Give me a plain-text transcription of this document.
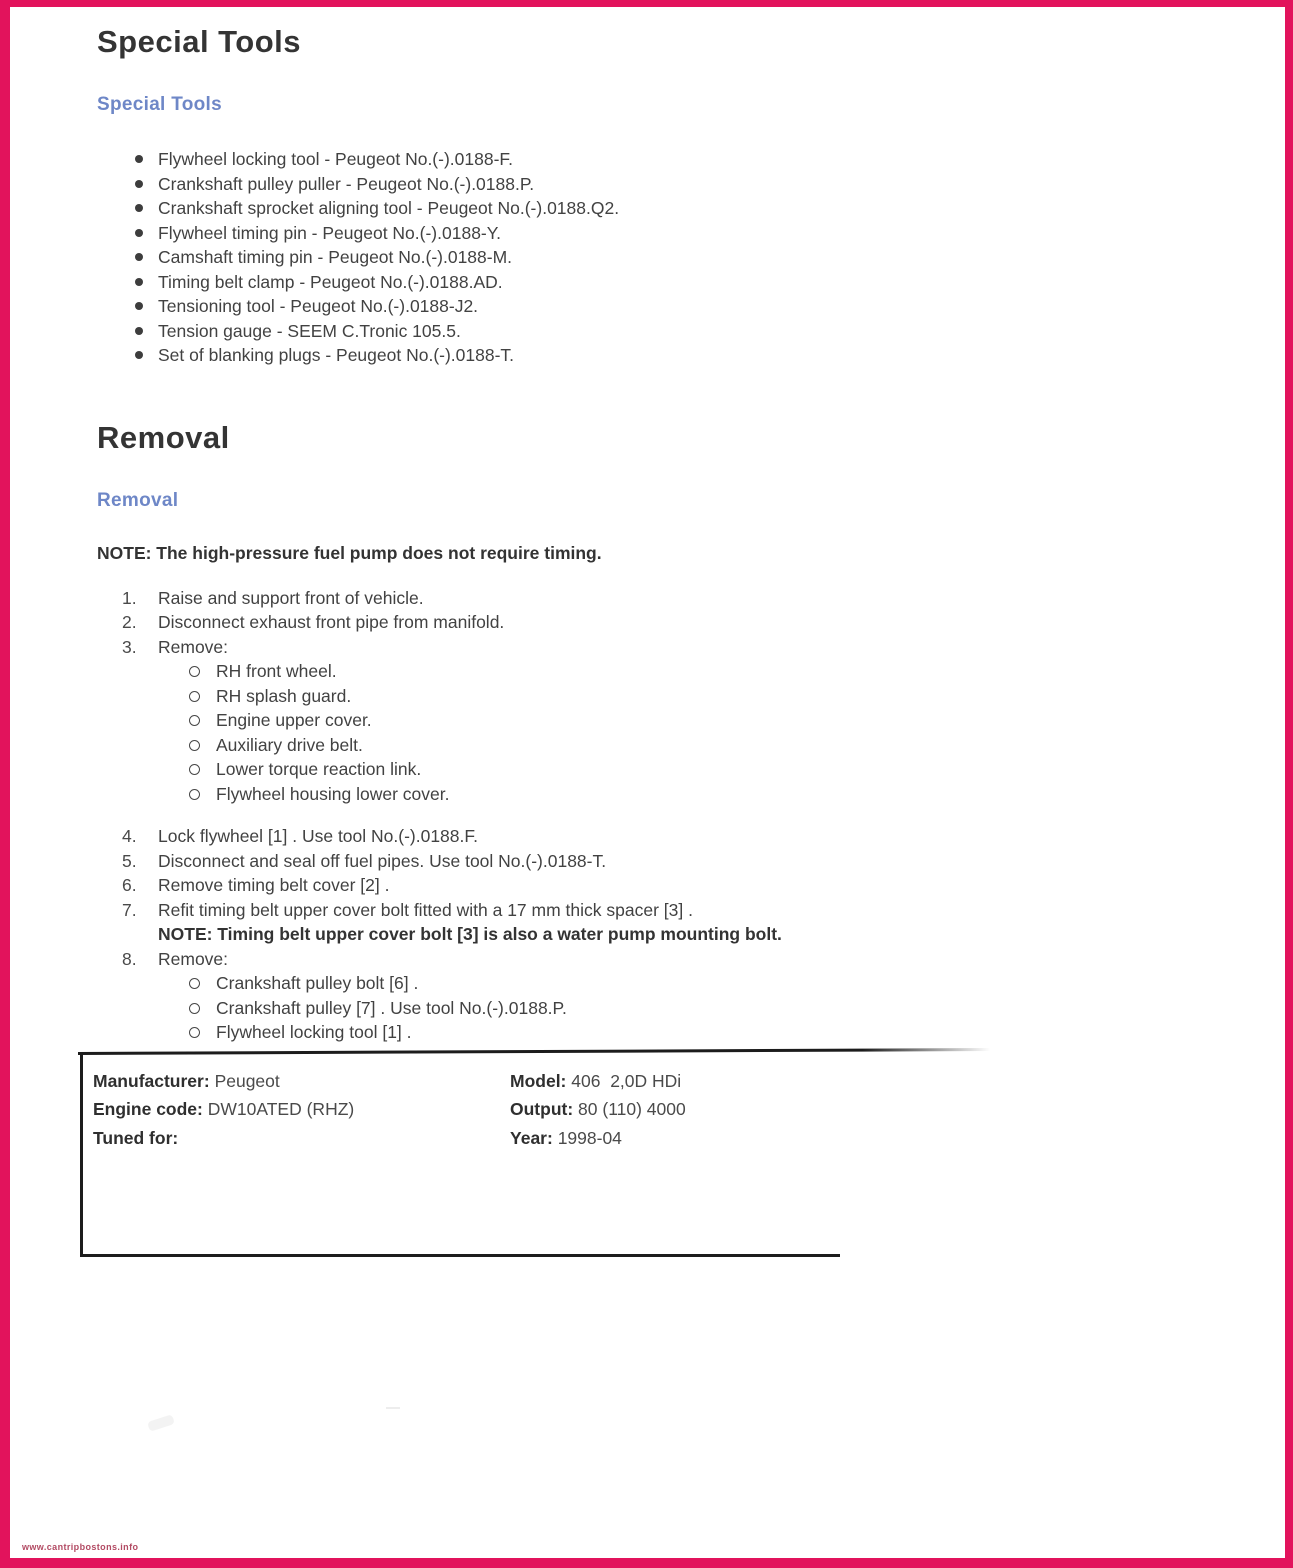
Special Tools
Special Tools
Flywheel locking tool - Peugeot No.(-).0188-F.
Crankshaft pulley puller - Peugeot No.(-).0188.P.
Crankshaft sprocket aligning tool - Peugeot No.(-).0188.Q2.
Flywheel timing pin - Peugeot No.(-).0188-Y.
Camshaft timing pin - Peugeot No.(-).0188-M.
Timing belt clamp - Peugeot No.(-).0188.AD.
Tensioning tool - Peugeot No.(-).0188-J2.
Tension gauge - SEEM C.Tronic 105.5.
Set of blanking plugs - Peugeot No.(-).0188-T.
Removal
Removal

NOTE: The high-pressure fuel pump does not require timing.

1. Raise and support front of vehicle.
2. Disconnect exhaust front pipe from manifold.
3. Remove:
RH front wheel.
RH splash guard.
Engine upper cover.
Auxiliary drive belt.
Lower torque reaction link.
Flywheel housing lower cover.
4. Lock flywheel [1] . Use tool No.(-).0188.F.
5. Disconnect and seal off fuel pipes. Use tool No.(-).0188-T.
6. Remove timing belt cover [2] .
7. Refit timing belt upper cover bolt fitted with a 17 mm thick spacer [3] .
NOTE: Timing belt upper cover bolt [3] is also a water pump mounting bolt.
8. Remove:
Crankshaft pulley bolt [6] .
Crankshaft pulley [7] . Use tool No.(-).0188.P.
Flywheel locking tool [1] .
Manufacturer: Peugeot	Model: 406  2,0D HDi
Engine code: DW10ATED (RHZ)	Output: 80 (110) 4000
Tuned for:	Year: 1998-04
www.cantripbostons.info
